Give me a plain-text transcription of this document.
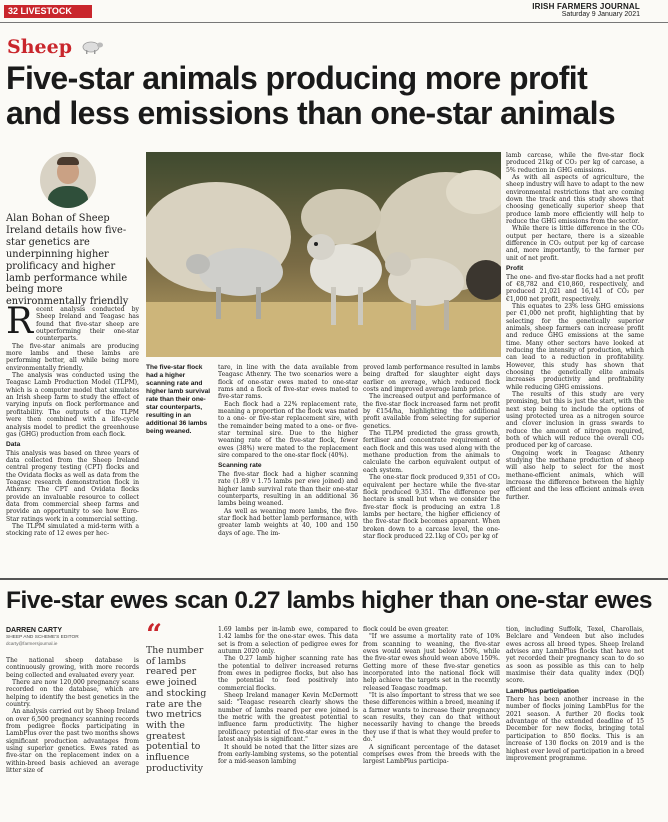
32 LIVESTOCK	IRISH FARMERS JOURNAL
Saturday 9 January 2021
Sheep
Five-star animals producing more profit
and less emissions than one-star animals
Alan Bohan of Sheep Ireland details how five-star genetics are underpinning higher prolificacy and higher lamb performance while being more environmentally friendly
The five-star flock had a higher scanning rate and higher lamb survival rate than their one-star counterparts, resulting in an additional 36 lambs being weaned.
R ecent analysis conducted by Sheep Ireland and Teagasc has found that five-star sheep are outperforming their one-star counterparts.

The five-star animals are producing more lambs and these lambs are performing better, all while being more environmentally friendly.

The analysis was conducted using the Teagasc Lamb Production Model (TLPM), which is a computer model that simulates an Irish sheep farm to study the effect of varying inputs on flock performance and profitability. The outputs of the TLPM were then combined with a life-cycle analysis model to predict the greenhouse gas (GHG) production from each flock.

Data

This analysis was based on three years of data collected from the Sheep Ireland central progeny testing (CPT) flocks and the Ovidata flocks as well as data from the Teagasc research demonstration flock in Athenry. The CPT and Ovidata flocks provide an invaluable resource to collect data from commercial sheep farms and provide an opportunity to see how Euro-Star ratings work in a commercial setting.

The TLPM simulated a mid-term with a stocking rate of 12 ewes per hec-

tare, in line with the data available from Teagasc Athenry. The two scenarios were a flock of one-star ewes mated to one-star rams and a flock of five-star ewes mated to five-star rams.

Each flock had a 22% replacement rate, meaning a proportion of the flock was mated to a one- or five-star replacement sire, with the remainder being mated to a one- or five-star terminal sire. Due to the higher weaning rate of the five-star flock, fewer ewes (38%) were mated to the replacement sire compared to the one-star flock (40%).

Scanning rate

The five-star flock had a higher scanning rate (1.89 v 1.75 lambs per ewe joined) and higher lamb survival rate than their one-star counterparts, resulting in an additional 36 lambs being weaned.

As well as weaning more lambs, the five-star flock had better lamb performance, with greater lamb weights at 40, 100 and 150 days of age. The im-

proved lamb performance resulted in lambs being drafted for slaughter eight days earlier on average, which reduced flock costs and improved average lamb price.

The increased output and performance of the five-star flock increased farm net profit by €154/ha, highlighting the additional profit available from selecting for superior genetics.

The TLPM predicted the grass growth, fertiliser and concentrate requirement of each flock and this was used along with the methane production from the animals to calculate the carbon equivalent output of each system.

The one-star flock produced 9,351 of CO₂ equivalent per hectare while the five-star flock produced 9,351. The difference per hectare is small but when we consider the five-star flock is producing an extra 1.8 lambs per hectare, the higher efficiency of the five-star flock becomes apparent. When broken down to a carcase level, the one-star flock produced 22.1kg of CO₂ per kg of

lamb carcase, while the five-star flock produced 21kg of CO₂ per kg of carcase, a 5% reduction in GHG emissions.

As with all aspects of agriculture, the sheep industry will have to adapt to the new environmental restrictions that are coming down the track and this study shows that choosing genetically superior sheep that produce lamb more efficiently will help to reduce the GHG emissions from the sector.

While there is little difference in the CO₂ output per hectare, there is a sizeable difference in CO₂ output per kg of carcase and, more importantly, to the farmer per unit of net profit.

Profit

The one- and five-star flocks had a net profit of €8,782 and €10,860, respectively, and produced 21,021 and 16,141 of CO₂ per €1,000 net profit, respectively.

This equates to 23% less GHG emissions per €1,000 net profit, highlighting that by selecting for the genetically superior animals, sheep farmers can increase profit and reduce GHG emissions at the same time. Many other sectors have looked at reducing the intensity of production, which can lead to a reduction in profitability. However, this study has shown that choosing the genetically elite animals increases productivity and profitability while reducing GHG emissions.

The results of this study are very promising, but this is just the start, with the next step being to include the options of using protected urea as a nitrogen source and clover inclusion in grass swards to reduce the amount of nitrogen required, both of which will reduce the overall CO₂ produced per kg of carcase.

Ongoing work in Teagasc Athenry studying the methane production of sheep will also help to select for the most methane-efficient animals, which will increase the difference between the highly efficient and the less efficient animals even further.

Five-star ewes scan 0.27 lambs higher than one-star ewes
DARREN CARTY
SHEEP AND SCHEME'S EDITOR
dcarty@farmersjournal.ie

The national sheep database is continuously growing, with more records being collected and evaluated every year.

There are now 120,000 pregnancy scans recorded on the database, which are helping to identify the best genetics in the country.

An analysis carried out by Sheep Ireland on over 6,500 pregnancy scanning records from pedigree flocks participating in LambPlus over the past two months shows significant production advantages from using superior genetics. Ewes rated as five-star on the replacement index on a within-breed basis achieved an average litter size of

“
The number of lambs reared per ewe joined and stocking rate are the two metrics with the greatest potential to influence productivity

1.69 lambs per in-lamb ewe, compared to 1.42 lambs for the one-star ewes. This data set is from a selection of pedigree ewes for autumn 2020 only.

The 0.27 lamb higher scanning rate has the potential to deliver increased returns from ewes in pedigree flocks, but also has the potential to feed positively into commercial flocks.

Sheep Ireland manager Kevin McDermott said: "Teagasc research clearly shows the number of lambs reared per ewe joined is the metric with the greatest potential to influence farm productivity. The higher prolificacy potential of five-star ewes in the latest analysis is significant."

It should be noted that the litter sizes are from early-lambing systems, so the potential for a mid-season lambing

flock could be even greater.

"If we assume a mortality rate of 10% from scanning to weaning, the five-star ewes would wean just below 150%, while the five-star ewes should wean above 150%. Getting more of these five-star genetics incorporated into the national flock will help achieve the targets set in the recently released Teagasc roadmap.

"It is also important to stress that we see these differences within a breed, meaning if a farmer wants to increase their pregnancy scan results, they can do that without necessarily having to change the breeds they use if that is what they would prefer to do."

A significant percentage of the dataset comprises ewes from the breeds with the largest LambPlus participa-

tion, including Suffolk, Texel, Charollais, Belclare and Vendeen but also includes ewes across all breed types. Sheep Ireland advises any LambPlus flocks that have not yet recorded their pregnancy scan to do so as soon as possible as this can to help maximise their data quality index (DQI) score.

LambPlus participation

There has been another increase in the number of flocks joining LambPlus for the 2021 season. A further 20 flocks took advantage of the extended deadline of 15 December for new flocks, bringing total participation to 850 flocks. This is an increase of 130 flocks on 2019 and is the highest ever level of participation in a breed improvement programme.
